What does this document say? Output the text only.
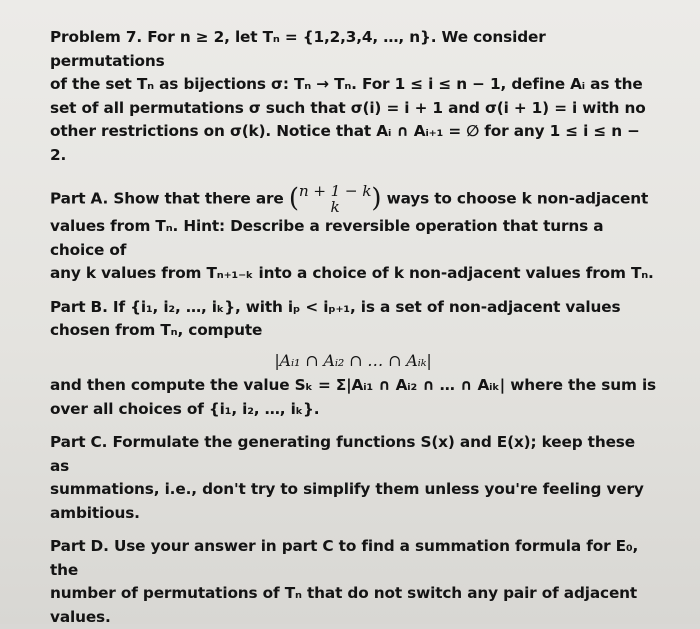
Problem 7. For n ≥ 2, let Tₙ = {1,2,3,4, …, n}. We consider permutations
of the set Tₙ as bijections σ: Tₙ → Tₙ. For 1 ≤ i ≤ n − 1, define Aᵢ as the
set of all permutations σ such that σ(i) = i + 1 and σ(i + 1) = i with no
other restrictions on σ(k). Notice that Aᵢ ∩ Aᵢ₊₁ = ∅ for any 1 ≤ i ≤ n −
2.
Part A. Show that there are (n + 1 − k
k ) ways to choose k non-adjacent
values from Tₙ. Hint: Describe a reversible operation that turns a choice of
any k values from Tₙ₊₁₋ₖ into a choice of k non-adjacent values from Tₙ.
Part B. If {i₁, i₂, …, iₖ}, with iₚ < iₚ₊₁, is a set of non-adjacent values
chosen from Tₙ, compute
|Aᵢ₁ ∩ Aᵢ₂ ∩ … ∩ Aᵢₖ|
and then compute the value Sₖ = Σ|Aᵢ₁ ∩ Aᵢ₂ ∩ … ∩ Aᵢₖ| where the sum is
over all choices of {i₁, i₂, …, iₖ}.
Part C. Formulate the generating functions S(x) and E(x); keep these as
summations, i.e., don't try to simplify them unless you're feeling very
ambitious.
Part D. Use your answer in part C to find a summation formula for E₀, the
number of permutations of Tₙ that do not switch any pair of adjacent
values.
